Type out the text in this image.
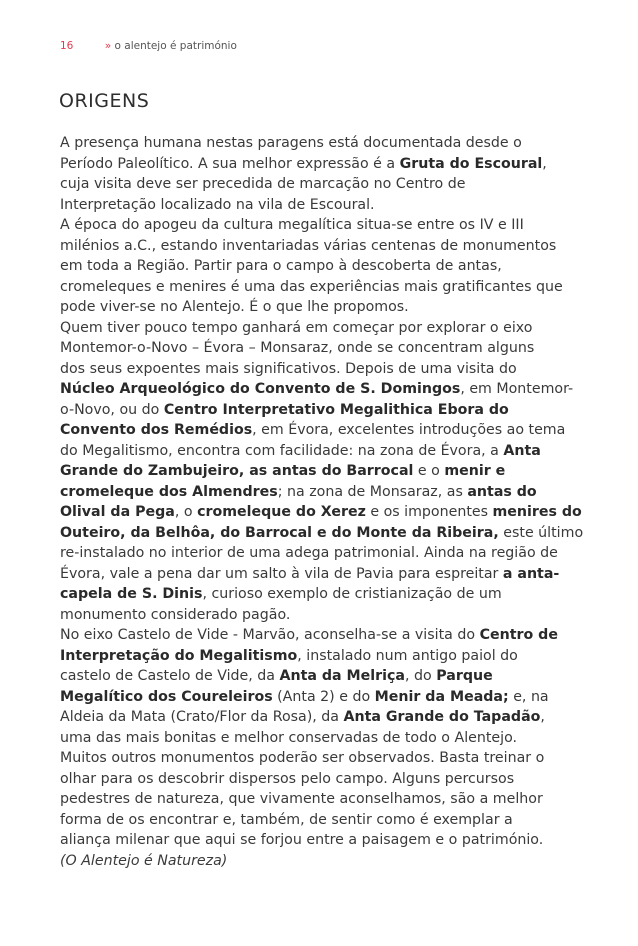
16	» o alentejo é património
ORIGENS

A presença humana nestas paragens está documentada desde o
Período Paleolítico. A sua melhor expressão é a Gruta do Escoural,
cuja visita deve ser precedida de marcação no Centro de
Interpretação localizado na vila de Escoural.
A época do apogeu da cultura megalítica situa-se entre os IV e III
milénios a.C., estando inventariadas várias centenas de monumentos
em toda a Região. Partir para o campo à descoberta de antas,
cromeleques e menires é uma das experiências mais gratificantes que
pode viver-se no Alentejo. É o que lhe propomos.
Quem tiver pouco tempo ganhará em começar por explorar o eixo
Montemor-o-Novo – Évora – Monsaraz, onde se concentram alguns
dos seus expoentes mais significativos. Depois de uma visita do
Núcleo Arqueológico do Convento de S. Domingos, em Montemor-
o-Novo, ou do Centro Interpretativo Megalithica Ebora do
Convento dos Remédios, em Évora, excelentes introduções ao tema
do Megalitismo, encontra com facilidade: na zona de Évora, a Anta
Grande do Zambujeiro, as antas do Barrocal e o menir e
cromeleque dos Almendres; na zona de Monsaraz, as antas do
Olival da Pega, o cromeleque do Xerez e os imponentes menires do
Outeiro, da Belhôa, do Barrocal e do Monte da Ribeira, este último
re-instalado no interior de uma adega patrimonial. Ainda na região de
Évora, vale a pena dar um salto à vila de Pavia para espreitar a anta-
capela de S. Dinis, curioso exemplo de cristianização de um
monumento considerado pagão.
No eixo Castelo de Vide - Marvão, aconselha-se a visita do Centro de
Interpretação do Megalitismo, instalado num antigo paiol do
castelo de Castelo de Vide, da Anta da Melriça, do Parque
Megalítico dos Coureleiros (Anta 2) e do Menir da Meada; e, na
Aldeia da Mata (Crato/Flor da Rosa), da Anta Grande do Tapadão,
uma das mais bonitas e melhor conservadas de todo o Alentejo.
Muitos outros monumentos poderão ser observados. Basta treinar o
olhar para os descobrir dispersos pelo campo. Alguns percursos
pedestres de natureza, que vivamente aconselhamos, são a melhor
forma de os encontrar e, também, de sentir como é exemplar a
aliança milenar que aqui se forjou entre a paisagem e o património.

(O Alentejo é Natureza)
